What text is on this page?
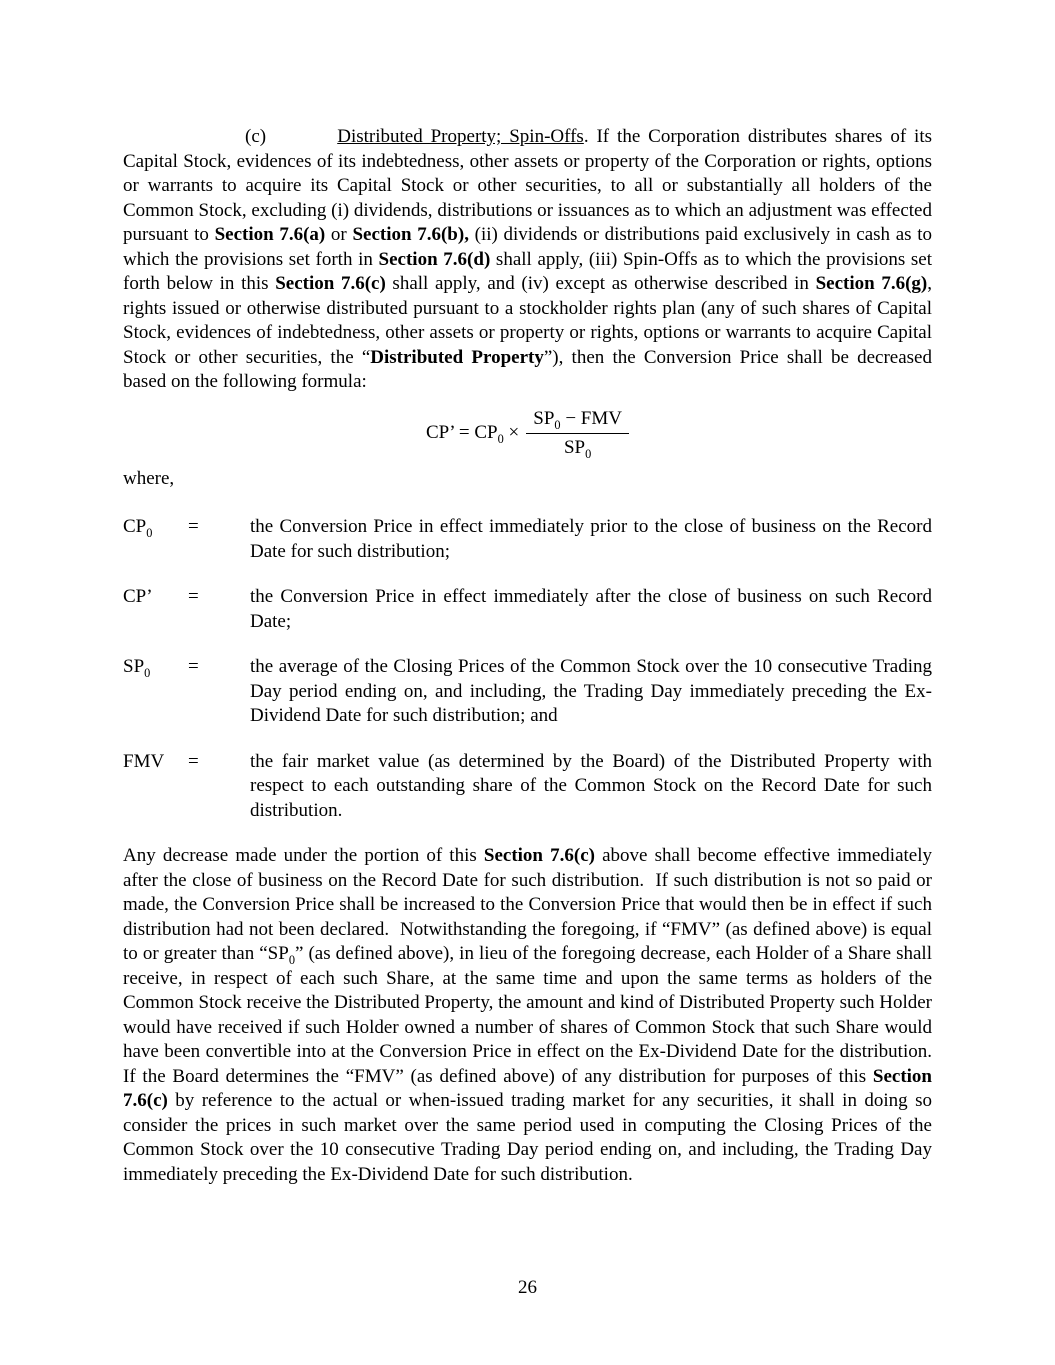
(c)         Distributed Property; Spin-Offs. If the Corporation distributes shares of its Capital Stock, evidences of its indebtedness, other assets or property of the Corporation or rights, options or warrants to acquire its Capital Stock or other securities, to all or substantially all holders of the Common Stock, excluding (i) dividends, distributions or issuances as to which an adjustment was effected pursuant to Section 7.6(a) or Section 7.6(b), (ii) dividends or distributions paid exclusively in cash as to which the provisions set forth in Section 7.6(d) shall apply, (iii) Spin-Offs as to which the provisions set forth below in this Section 7.6(c) shall apply, and (iv) except as otherwise described in Section 7.6(g), rights issued or otherwise distributed pursuant to a stockholder rights plan (any of such shares of Capital Stock, evidences of indebtedness, other assets or property or rights, options or warrants to acquire Capital Stock or other securities, the “Distributed Property”), then the Conversion Price shall be decreased based on the following formula:

CP’ = $CP_0 \times \frac{SP_0 - FMV}{SP_0}$

where,

$CP_0$	=	the Conversion Price in effect immediately prior to the close of business on the Record Date for such distribution;
CP’	=	the Conversion Price in effect immediately after the close of business on such Record Date;
$SP_0$	=	the average of the Closing Prices of the Common Stock over the 10 consecutive Trading Day period ending on, and including, the Trading Day immediately preceding the Ex-Dividend Date for such distribution; and
FMV	=	the fair market value (as determined by the Board) of the Distributed Property with respect to each outstanding share of the Common Stock on the Record Date for such distribution.

Any decrease made under the portion of this Section 7.6(c) above shall become effective immediately after the close of business on the Record Date for such distribution.  If such distribution is not so paid or made, the Conversion Price shall be increased to the Conversion Price that would then be in effect if such distribution had not been declared.  Notwithstanding the foregoing, if “FMV” (as defined above) is equal to or greater than “$SP_0$” (as defined above), in lieu of the foregoing decrease, each Holder of a Share shall receive, in respect of each such Share, at the same time and upon the same terms as holders of the Common Stock receive the Distributed Property, the amount and kind of Distributed Property such Holder would have received if such Holder owned a number of shares of Common Stock that such Share would have been convertible into at the Conversion Price in effect on the Ex-Dividend Date for the distribution.  If the Board determines the “FMV” (as defined above) of any distribution for purposes of this Section 7.6(c) by reference to the actual or when-issued trading market for any securities, it shall in doing so consider the prices in such market over the same period used in computing the Closing Prices of the Common Stock over the 10 consecutive Trading Day period ending on, and including, the Trading Day immediately preceding the Ex-Dividend Date for such distribution.

26
